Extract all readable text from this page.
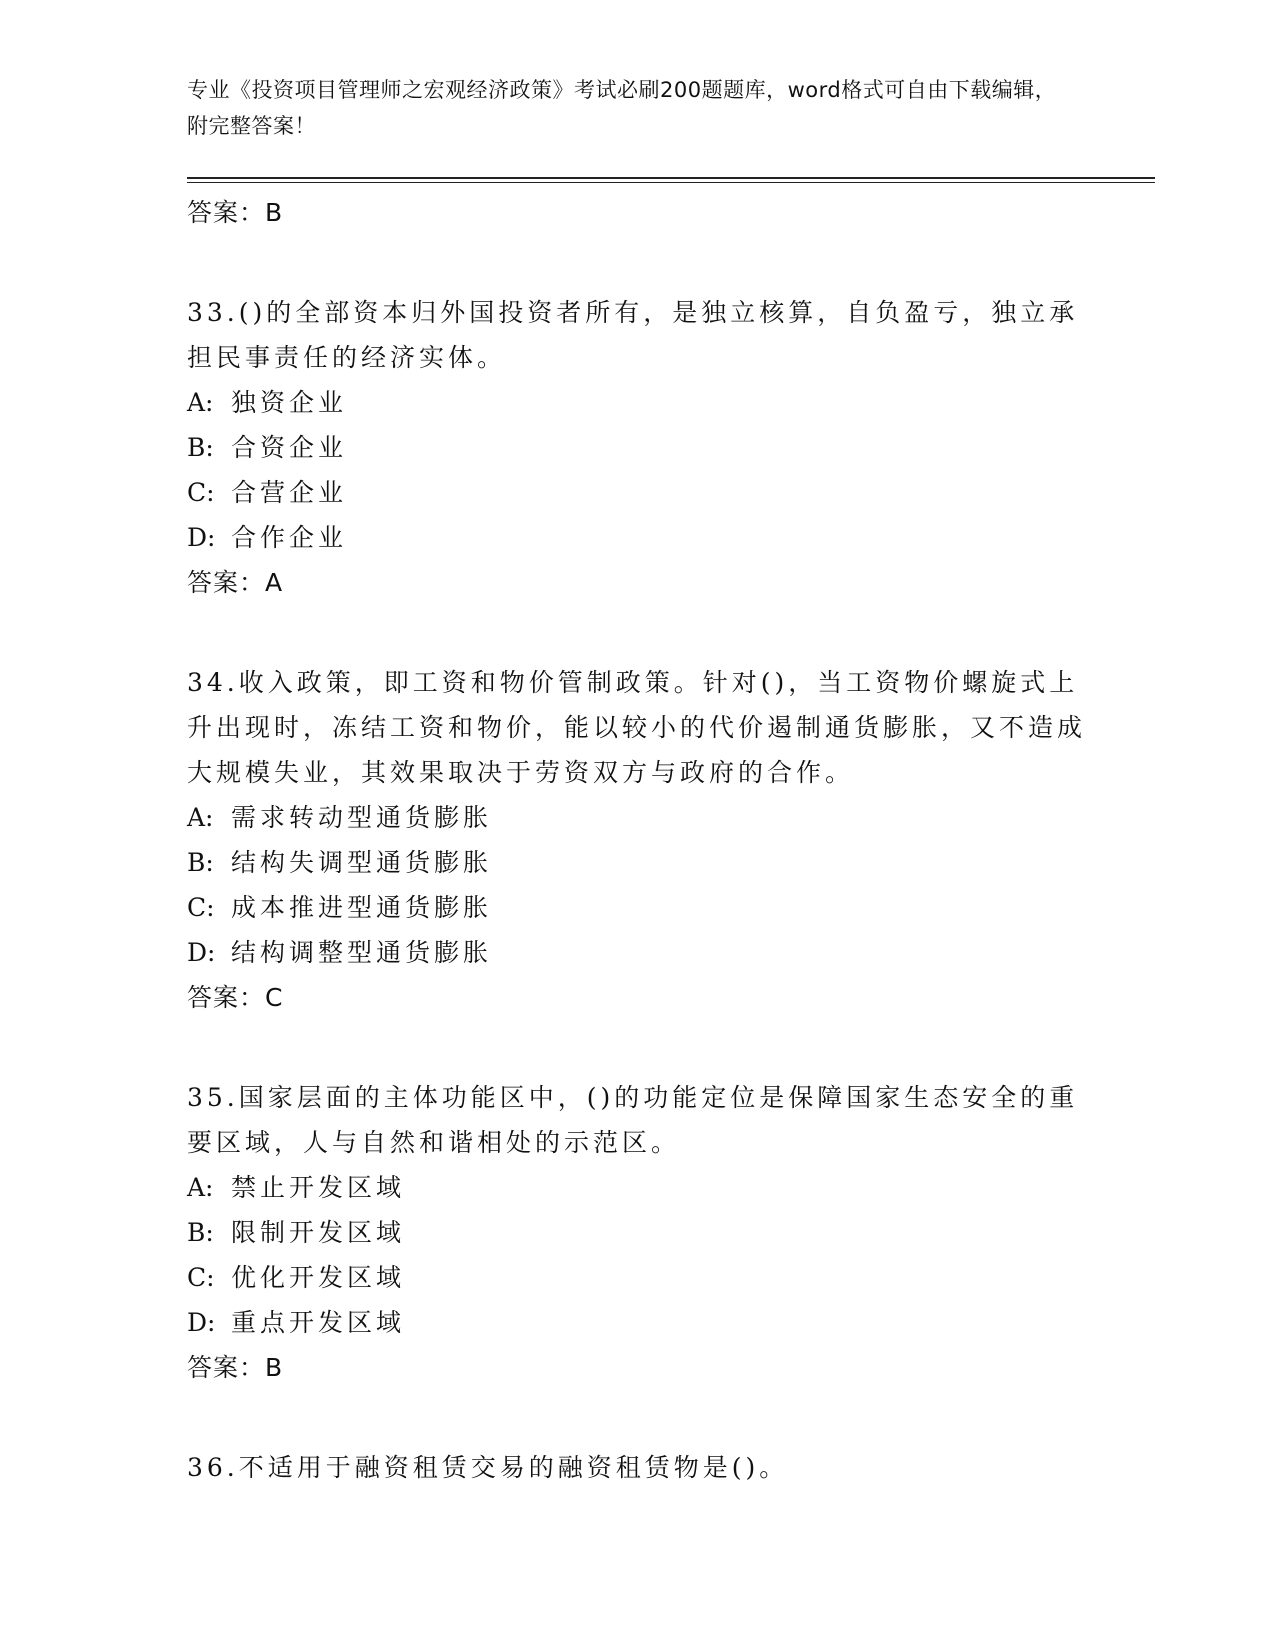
专业《投资项目管理师之宏观经济政策》考试必刷200题题库，word格式可自由下载编辑，附完整答案！
答案：B
33.()的全部资本归外国投资者所有，是独立核算，自负盈亏，独立承担民事责任的经济实体。
A: 独资企业
B: 合资企业
C: 合营企业
D: 合作企业
答案：A
34.收入政策，即工资和物价管制政策。针对()，当工资物价螺旋式上升出现时，冻结工资和物价，能以较小的代价遏制通货膨胀，又不造成大规模失业，其效果取决于劳资双方与政府的合作。
A: 需求转动型通货膨胀
B: 结构失调型通货膨胀
C: 成本推进型通货膨胀
D: 结构调整型通货膨胀
答案：C
35.国家层面的主体功能区中，()的功能定位是保障国家生态安全的重要区域，人与自然和谐相处的示范区。
A: 禁止开发区域
B: 限制开发区域
C: 优化开发区域
D: 重点开发区域
答案：B
36.不适用于融资租赁交易的融资租赁物是()。
